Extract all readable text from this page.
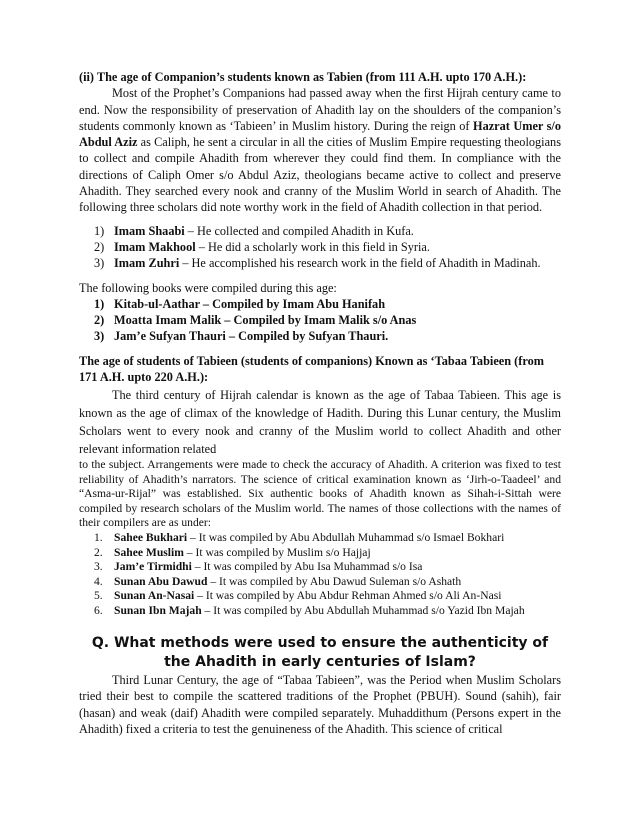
(ii) The age of Companion’s students known as Tabien (from 111 A.H. upto 170 A.H.):

Most of the Prophet’s Companions had passed away when the first Hijrah century came to end. Now the responsibility of preservation of Ahadith lay on the shoulders of the companion’s students commonly known as ‘Tabieen’ in Muslim history. During the reign of Hazrat Umer s/o Abdul Aziz as Caliph, he sent a circular in all the cities of Muslim Empire requesting theologians to collect and compile Ahadith from wherever they could find them. In compliance with the directions of Caliph Omer s/o Abdul Aziz, theologians became active to collect and preserve Ahadith. They searched every nook and cranny of the Muslim World in search of Ahadith. The following three scholars did note worthy work in the field of Ahadith collection in that period.

1) Imam Shaabi – He collected and compiled Ahadith in Kufa.
2) Imam Makhool – He did a scholarly work in this field in Syria.
3) Imam Zuhri – He accomplished his research work in the field of Ahadith in Madinah.

The following books were compiled during this age:

1) Kitab-ul-Aathar – Compiled by Imam Abu Hanifah
2) Moatta Imam Malik – Compiled by Imam Malik s/o Anas
3) Jam’e Sufyan Thauri – Compiled by Sufyan Thauri.

The age of students of Tabieen (students of companions) Known as ‘Tabaa Tabieen (from 171 A.H. upto 220 A.H.):

The third century of Hijrah calendar is known as the age of Tabaa Tabieen. This age is known as the age of climax of the knowledge of Hadith. During this Lunar century, the Muslim Scholars went to every nook and cranny of the Muslim world to collect Ahadith and other relevant information related

to the subject. Arrangements were made to check the accuracy of Ahadith. A criterion was fixed to test reliability of Ahadith’s narrators. The science of critical examination known as ‘Jirh-o-Taadeel’ and “Asma-ur-Rijal” was established. Six authentic books of Ahadith known as Sihah-i-Sittah were compiled by research scholars of the Muslim world. The names of those collections with the names of their compilers are as under:

1. Sahee Bukhari – It was compiled by Abu Abdullah Muhammad s/o Ismael Bokhari
2. Sahee Muslim – It was compiled by Muslim s/o Hajjaj
3. Jam’e Tirmidhi – It was compiled by Abu Isa Muhammad s/o Isa
4. Sunan Abu Dawud – It was compiled by Abu Dawud Suleman s/o Ashath
5. Sunan An-Nasai – It was compiled by Abu Abdur Rehman Ahmed s/o Ali An-Nasi
6. Sunan Ibn Majah – It was compiled by Abu Abdullah Muhammad s/o Yazid Ibn Majah
Q. What methods were used to ensure the authenticity of the Ahadith in early centuries of Islam?

Third Lunar Century, the age of “Tabaa Tabieen”, was the Period when Muslim Scholars tried their best to compile the scattered traditions of the Prophet (PBUH). Sound (sahih), fair (hasan) and weak (daif) Ahadith were compiled separately. Muhaddithum (Persons expert in the Ahadith) fixed a criteria to test the genuineness of the Ahadith. This science of critical
